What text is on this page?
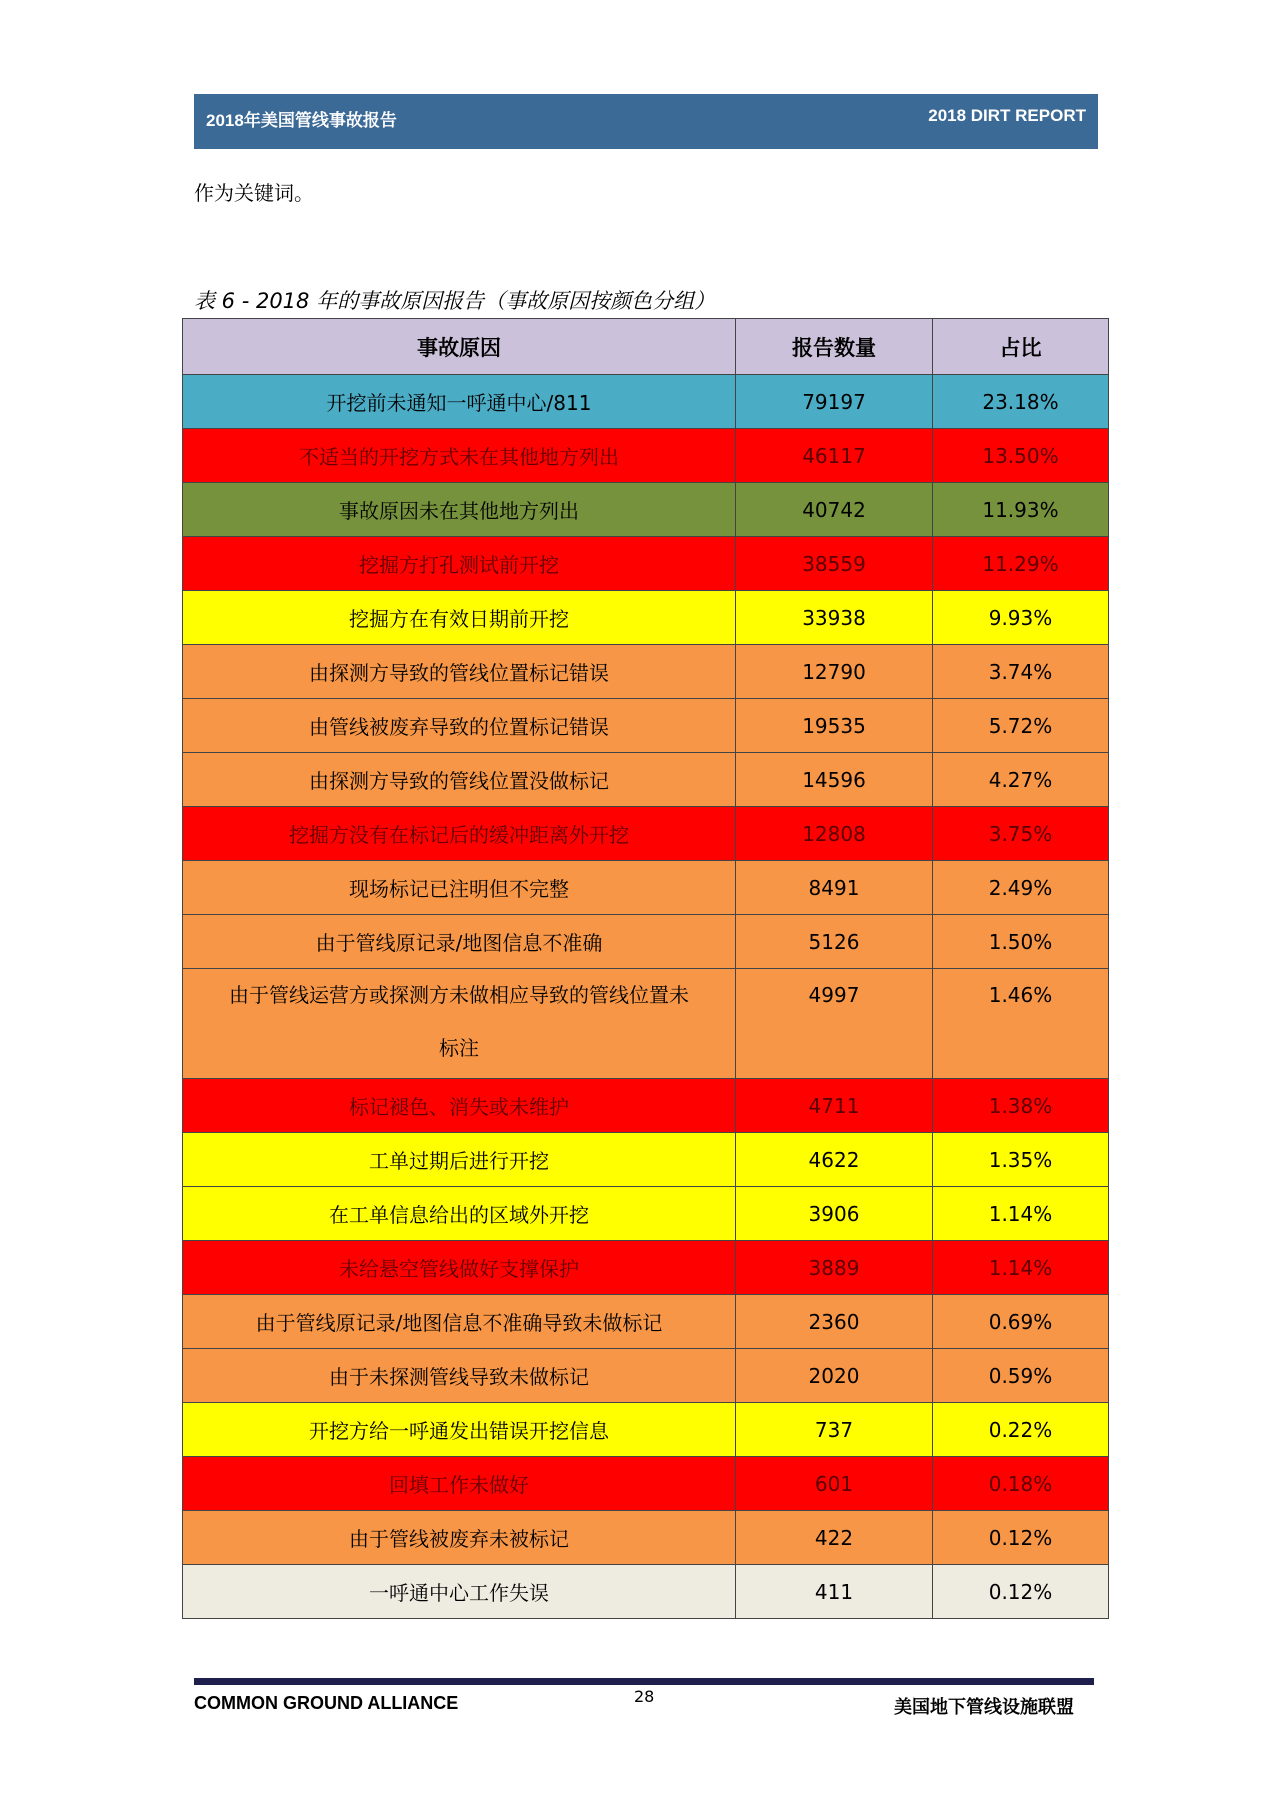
2018年美国管线事故报告	2018 DIRT REPORT
作为关键词。
表 6 - 2018 年的事故原因报告（事故原因按颜色分组）
事故原因	报告数量	占比
开挖前未通知一呼通中心/811	79197	23.18%
不适当的开挖方式未在其他地方列出	46117	13.50%
事故原因未在其他地方列出	40742	11.93%
挖掘方打孔测试前开挖	38559	11.29%
挖掘方在有效日期前开挖	33938	9.93%
由探测方导致的管线位置标记错误	12790	3.74%
由管线被废弃导致的位置标记错误	19535	5.72%
由探测方导致的管线位置没做标记	14596	4.27%
挖掘方没有在标记后的缓冲距离外开挖	12808	3.75%
现场标记已注明但不完整	8491	2.49%
由于管线原记录/地图信息不准确	5126	1.50%
由于管线运营方或探测方未做相应导致的管线位置未标注	4997	1.46%
标记褪色、消失或未维护	4711	1.38%
工单过期后进行开挖	4622	1.35%
在工单信息给出的区域外开挖	3906	1.14%
未给悬空管线做好支撑保护	3889	1.14%
由于管线原记录/地图信息不准确导致未做标记	2360	0.69%
由于未探测管线导致未做标记	2020	0.59%
开挖方给一呼通发出错误开挖信息	737	0.22%
回填工作未做好	601	0.18%
由于管线被废弃未被标记	422	0.12%
一呼通中心工作失误	411	0.12%
COMMON GROUND ALLIANCE	28
美国地下管线设施联盟
